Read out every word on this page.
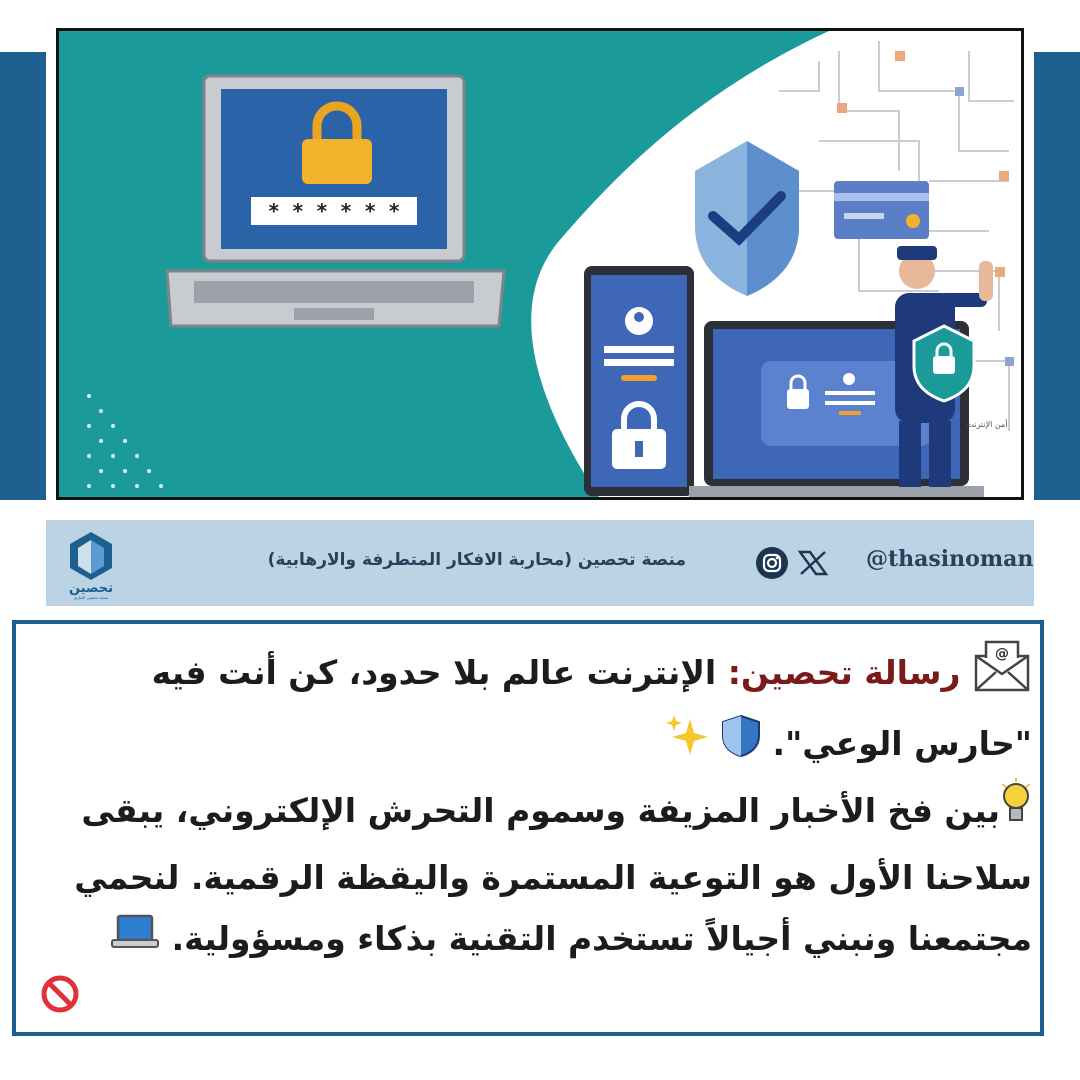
* * * * * *
أمن الإنترنت
تحصين
منصة تحصين الفكري
منصة تحصين (محاربة الافكار المتطرفة والارهابية)	@thasinoman
@
رسالة تحصين: الإنترنت عالم بلا حدود، كن أنت فيه
"حارس الوعي".
بين فخ الأخبار المزيفة وسموم التحرش الإلكتروني، يبقى سلاحنا الأول هو التوعية المستمرة واليقظة الرقمية. لنحمي مجتمعنا ونبني أجيالاً تستخدم التقنية بذكاء ومسؤولية.
